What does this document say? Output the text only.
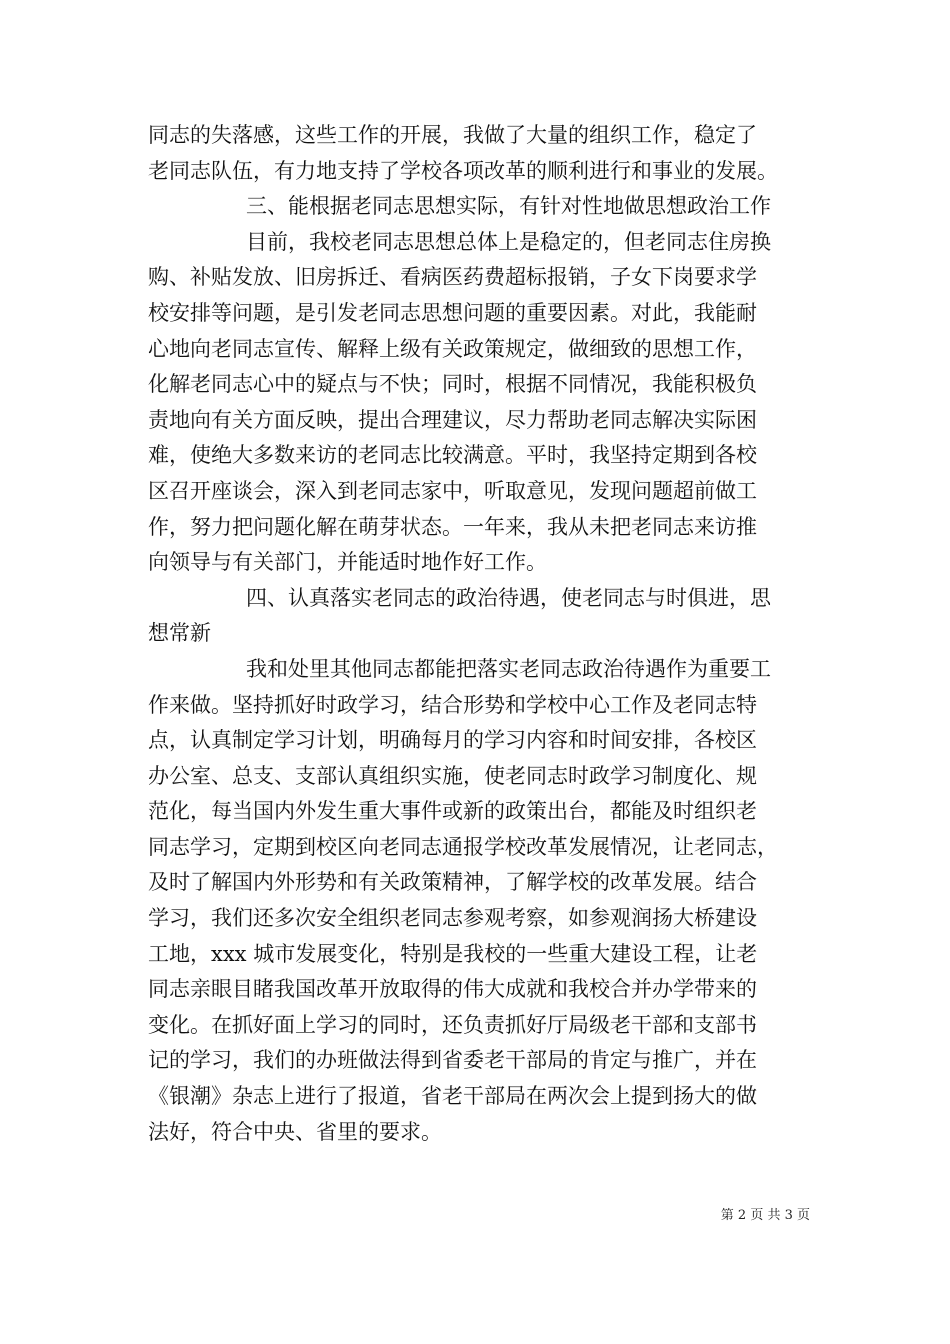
同志的失落感，这些工作的开展，我做了大量的组织工作，稳定了
老同志队伍，有力地支持了学校各项改革的顺利进行和事业的发展。
三、能根据老同志思想实际，有针对性地做思想政治工作
目前，我校老同志思想总体上是稳定的，但老同志住房换
购、补贴发放、旧房拆迁、看病医药费超标报销，子女下岗要求学
校安排等问题，是引发老同志思想问题的重要因素。对此，我能耐
心地向老同志宣传、解释上级有关政策规定，做细致的思想工作，
化解老同志心中的疑点与不快；同时，根据不同情况，我能积极负
责地向有关方面反映，提出合理建议，尽力帮助老同志解决实际困
难，使绝大多数来访的老同志比较满意。平时，我坚持定期到各校
区召开座谈会，深入到老同志家中，听取意见，发现问题超前做工
作，努力把问题化解在萌芽状态。一年来，我从未把老同志来访推
向领导与有关部门，并能适时地作好工作。
四、认真落实老同志的政治待遇，使老同志与时俱进，思
想常新
我和处里其他同志都能把落实老同志政治待遇作为重要工
作来做。坚持抓好时政学习，结合形势和学校中心工作及老同志特
点，认真制定学习计划，明确每月的学习内容和时间安排，各校区
办公室、总支、支部认真组织实施，使老同志时政学习制度化、规
范化，每当国内外发生重大事件或新的政策出台，都能及时组织老
同志学习，定期到校区向老同志通报学校改革发展情况，让老同志，
及时了解国内外形势和有关政策精神，了解学校的改革发展。结合
学习，我们还多次安全组织老同志参观考察，如参观润扬大桥建设
工地，xxx 城市发展变化，特别是我校的一些重大建设工程，让老
同志亲眼目睹我国改革开放取得的伟大成就和我校合并办学带来的
变化。在抓好面上学习的同时，还负责抓好厅局级老干部和支部书
记的学习，我们的办班做法得到省委老干部局的肯定与推广，并在
《银潮》杂志上进行了报道，省老干部局在两次会上提到扬大的做
法好，符合中央、省里的要求。
第 2 页 共 3 页
